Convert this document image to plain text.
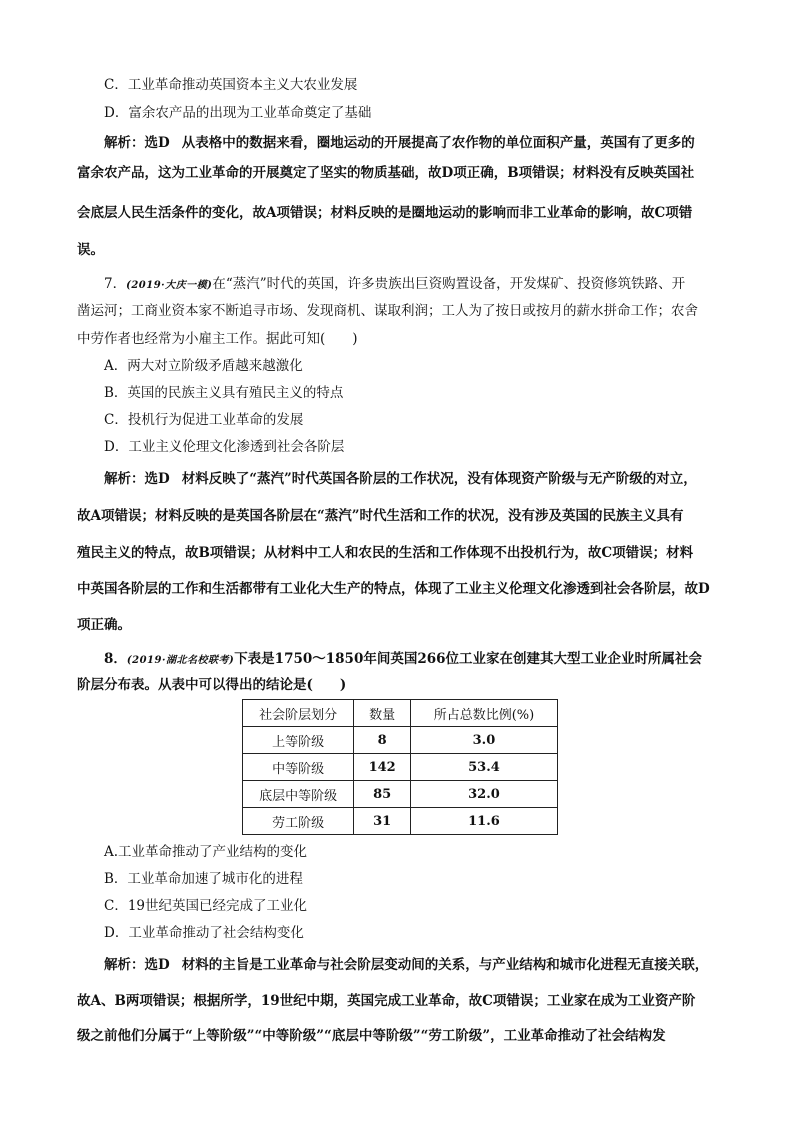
C．工业革命推动英国资本主义大农业发展
D．富余农产品的出现为工业革命奠定了基础
解析：选D 从表格中的数据来看，圈地运动的开展提高了农作物的单位面积产量，英国有了更多的
富余农产品，这为工业革命的开展奠定了坚实的物质基础，故D项正确，B项错误；材料没有反映英国社
会底层人民生活条件的变化，故A项错误；材料反映的是圈地运动的影响而非工业革命的影响，故C项错
误。
7．(2019·大庆一模)在“蒸汽”时代的英国，许多贵族出巨资购置设备，开发煤矿、投资修筑铁路、开
凿运河；工商业资本家不断追寻市场、发现商机、谋取利润；工人为了按日或按月的薪水拼命工作；农舍
中劳作者也经常为小雇主工作。据此可知(　　)
A．两大对立阶级矛盾越来越激化
B．英国的民族主义具有殖民主义的特点
C．投机行为促进工业革命的发展
D．工业主义伦理文化渗透到社会各阶层
解析：选D 材料反映了“蒸汽”时代英国各阶层的工作状况，没有体现资产阶级与无产阶级的对立，
故A项错误；材料反映的是英国各阶层在“蒸汽”时代生活和工作的状况，没有涉及英国的民族主义具有
殖民主义的特点，故B项错误；从材料中工人和农民的生活和工作体现不出投机行为，故C项错误；材料
中英国各阶层的工作和生活都带有工业化大生产的特点，体现了工业主义伦理文化渗透到社会各阶层，故D
项正确。
8．(2019·湖北名校联考)下表是1750～1850年间英国266位工业家在创建其大型工业企业时所属社会
阶层分布表。从表中可以得出的结论是(　　)
社会阶层划分	数量	所占总数比例(%)
上等阶级	8	3.0
中等阶级	142	53.4
底层中等阶级	85	32.0
劳工阶级	31	11.6
A.工业革命推动了产业结构的变化
B．工业革命加速了城市化的进程
C．19世纪英国已经完成了工业化
D．工业革命推动了社会结构变化
解析：选D 材料的主旨是工业革命与社会阶层变动间的关系，与产业结构和城市化进程无直接关联，
故A、B两项错误；根据所学，19世纪中期，英国完成工业革命，故C项错误；工业家在成为工业资产阶
级之前他们分属于“上等阶级”“中等阶级”“底层中等阶级”“劳工阶级”，工业革命推动了社会结构发
